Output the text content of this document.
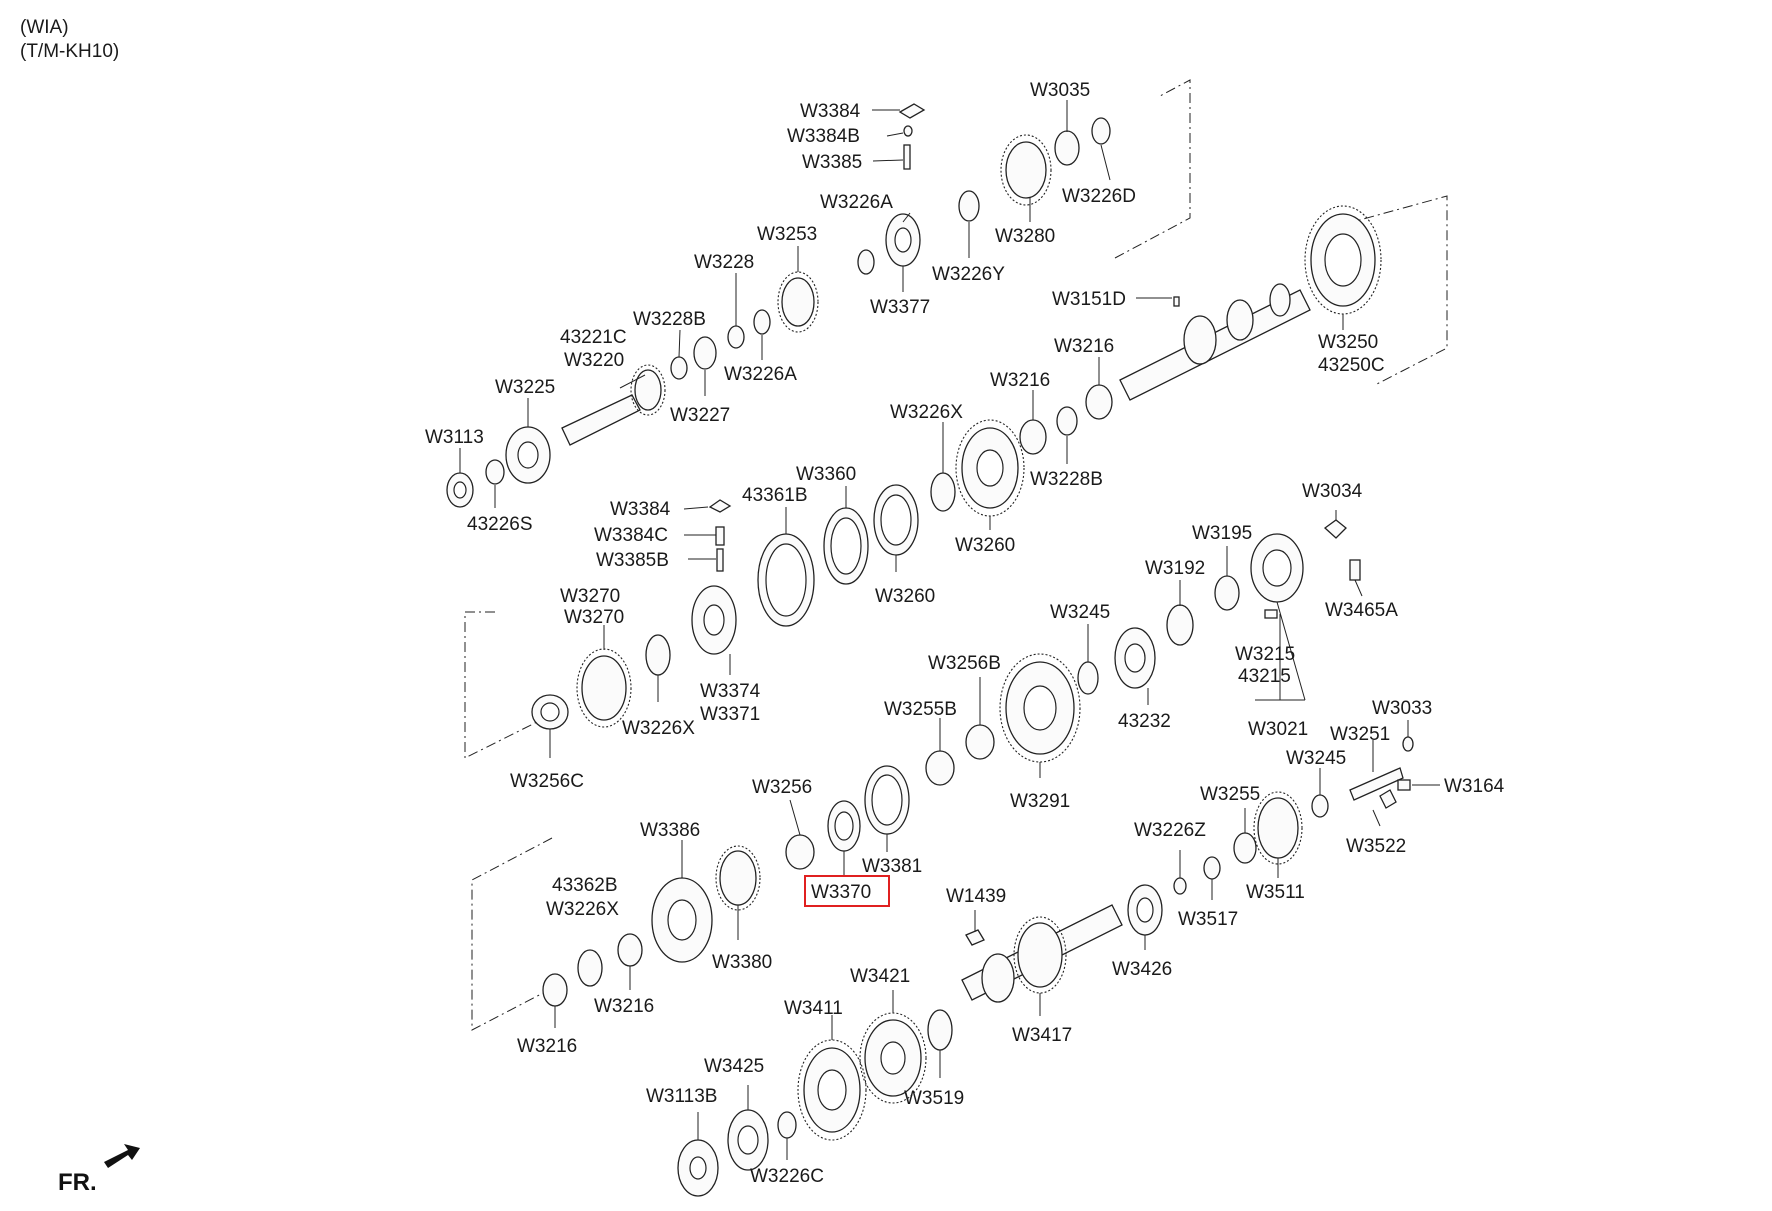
(WIA)
(T/M-KH10)
W3384
W3384B
W3385
W3226A
W3035
W3226D
W3280
W3226Y
W3377
W3253
W3228
W3228B
W3226A
43221C
W3220
W3227
W3225
W3113
43226S
W3151D
W3216	W3250
43250C
W3216
W3226X
W3228B
W3360
43361B
W3384
W3384C
W3385B
W3260
W3260
W3270
W3270
W3226X
W3374
W3371
W3256C
W3034
W3195
W3192
W3465A
W3245
W3215
43215
W3256B
43232	W3021
W3033
W3251
W3245
W3164
W3255B
W3291
W3256
W3381
W3370
W3386
43362B
W3226X
W3216
W3216
W3380
W3255
W3522
W3226Z
W3511
W3517
W1439
W3426
W3421
W3417
W3411
W3519
W3425
W3113B
W3226C
FR.
